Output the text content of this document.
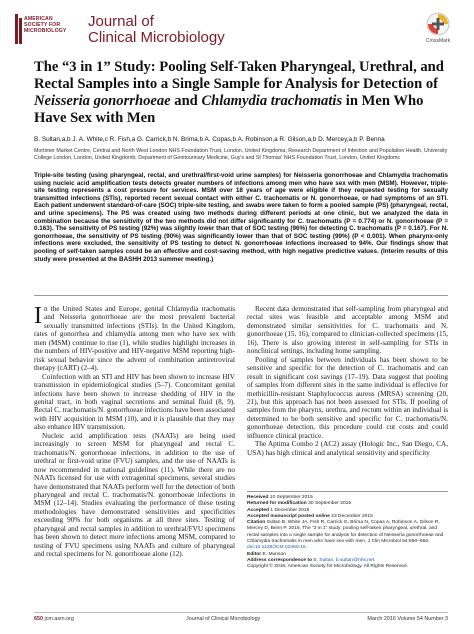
AMERICAN
SOCIETY FOR
MICROBIOLOGY
Journal of
Clinical Microbiology	CrossMark
The “3 in 1” Study: Pooling Self-Taken Pharyngeal, Urethral, and Rectal Samples into a Single Sample for Analysis for Detection of Neisseria gonorrhoeae and Chlamydia trachomatis in Men Who Have Sex with Men
B. Sultan,a,b J. A. White,c R. Fish,a G. Carrick,b N. Brima,b A. Copas,b A. Robinson,a R. Gilson,a,b D. Mercey,a,b P. Benna
Mortimer Market Centre, Central and North West London NHS Foundation Trust, London, United Kingdoma; Research Department of Infection and Population Health, University College London, London, United Kingdomb; Department of Genitourinary Medicine, Guy's and St Thomas' NHS Foundation Trust, London, United Kingdomc
Triple-site testing (using pharyngeal, rectal, and urethral/first-void urine samples) for Neisseria gonorrhoeae and Chlamydia trachomatis using nucleic acid amplification tests detects greater numbers of infections among men who have sex with men (MSM). However, triple-site testing represents a cost pressure for services. MSM over 18 years of age were eligible if they requested testing for sexually transmitted infections (STIs), reported recent sexual contact with either C. trachomatis or N. gonorrhoeae, or had symptoms of an STI. Each patient underwent standard-of-care (SOC) triple-site testing, and swabs were taken to form a pooled sample (PS) (pharyngeal, rectal, and urine specimens). The PS was created using two methods during different periods at one clinic, but we analyzed the data in combination because the sensitivity of the two methods did not differ significantly for C. trachomatis (P = 0.774) or N. gonorrhoeae (P = 0.163). The sensitivity of PS testing (92%) was slightly lower than that of SOC testing (96%) for detecting C. trachomatis (P = 0.167). For N. gonorrhoeae, the sensitivity of PS testing (90%) was significantly lower than that of SOC testing (99%) (P < 0.001). When pharynx-only infections were excluded, the sensitivity of PS testing to detect N. gonorrhoeae infections increased to 94%. Our findings show that pooling of self-taken samples could be an effective and cost-saving method, with high negative predictive values. (Interim results of this study were presented at the BASHH 2013 summer meeting.)

In the United States and Europe, genital Chlamydia trachomatis and Neisseria gonorrhoeae are the most prevalent bacterial sexually transmitted infections (STIs). In the United Kingdom, rates of gonorrhea and chlamydia among men who have sex with men (MSM) continue to rise (1), while studies highlight increases in the numbers of HIV-positive and HIV-negative MSM reporting high-risk sexual behavior since the advent of combination antiretroviral therapy (cART) (2–4).

Coinfection with an STI and HIV has been shown to increase HIV transmission in epidemiological studies (5–7). Concomitant genital infections have been shown to increase shedding of HIV in the genital tract, in both vaginal secretions and seminal fluid (8, 9). Rectal C. trachomatis/N. gonorrhoeae infections have been associated with HIV acquisition in MSM (10), and it is plausible that they may also enhance HIV transmission.

Nucleic acid amplification tests (NAATs) are being used increasingly to screen MSM for pharyngeal and rectal C. trachomatis/N. gonorrhoeae infections, in addition to the use of urethral or first-void urine (FVU) samples, and the use of NAATs is now recommended in national guidelines (11). While there are no NAATs licensed for use with extragenital specimens, several studies have demonstrated that NAATs perform well for the detection of both pharyngeal and rectal C. trachomatis/N. gonorrhoeae infections in MSM (12–14). Studies evaluating the performance of these testing methodologies have demonstrated sensitivities and specificities exceeding 90% for both organisms at all three sites. Testing of pharyngeal and rectal samples in addition to urethral/FVU specimens has been shown to detect more infections among MSM, compared to testing of FVU specimens using NAATs and culture of pharyngeal and rectal specimens for N. gonorrhoeae alone (12).

Recent data demonstrated that self-sampling from pharyngeal and rectal sites was feasible and acceptable among MSM and demonstrated similar sensitivities for C. trachomatis and N. gonorrhoeae (15, 16), compared to clinician-collected specimens (15, 16). There is also growing interest in self-sampling for STIs in nonclinical settings, including home sampling.

Pooling of samples between individuals has been shown to be sensitive and specific for the detection of C. trachomatis and can result in significant cost savings (17–19). Data suggest that pooling of samples from different sites in the same individual is effective for methicillin-resistant Staphylococcus aureus (MRSA) screening (20, 21), but this approach has not been assessed for STIs. If pooling of samples from the pharynx, urethra, and rectum within an individual is determined to be both sensitive and specific for C. trachomatis/N. gonorrhoeae detection, this procedure could cut costs and could influence clinical practice.

The Aptima Combo 2 (AC2) assay (Hologic Inc., San Diego, CA, USA) has high clinical and analytical sensitivity and specificity

Received 10 September 2015
Returned for modification 30 September 2015
Accepted 1 December 2015
Accepted manuscript posted online 23 December 2015
Citation Sultan B, White JA, Fish R, Carrick G, Brima N, Copas A, Robinson A, Gilson R, Mercey D, Benn P. 2016. The “3 in 1” study: pooling self-taken pharyngeal, urethral, and rectal samples into a single sample for analysis for detection of Neisseria gonorrhoeae and Chlamydia trachomatis in men who have sex with men. J Clin Microbiol 54:650–656. doi:10.1128/JCM.02460-15.
Editor E. Munson
Address correspondence to B. Sultan, b.sultan@nhs.net.
Copyright © 2016, American Society for Microbiology. All Rights Reserved.
650 jcm.asm.org	Journal of Clinical Microbiology	March 2016 Volume 54 Number 3
